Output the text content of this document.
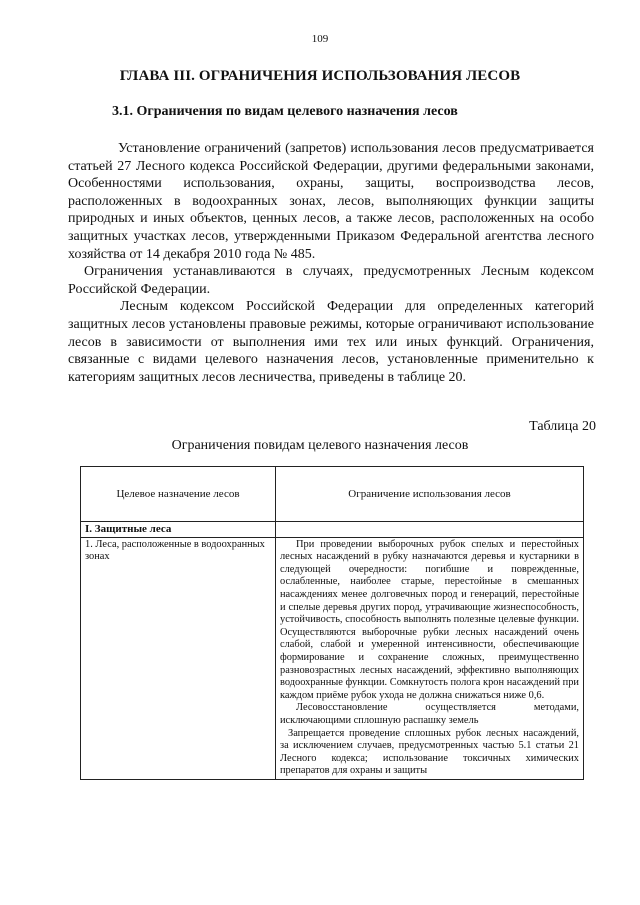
109
ГЛАВА III. ОГРАНИЧЕНИЯ ИСПОЛЬЗОВАНИЯ ЛЕСОВ
3.1. Ограничения по видам целевого назначения лесов

Установление ограничений (запретов) использования лесов предусматривается статьей 27 Лесного кодекса Российской Федерации, другими федеральными законами, Особенностями использования, охраны, защиты, воспроизводства лесов, расположенных в водоохранных зонах, лесов, выполняющих функции защиты природных и иных объектов, ценных лесов, а также лесов, расположенных на особо защитных участках лесов, утвержденными Приказом Федеральной агентства лесного хозяйства от 14 декабря 2010 года № 485.

Ограничения устанавливаются в случаях, предусмотренных Лесным кодексом Российской Федерации.

Лесным кодексом Российской Федерации для определенных категорий защитных лесов установлены правовые режимы, которые ограничивают использование лесов в зависимости от выполнения ими тех или иных функций. Ограничения, связанные с видами целевого назначения лесов, установленные применительно к категориям защитных лесов лесничества, приведены в таблице 20.

Таблица 20
Ограничения повидам целевого назначения лесов
Целевое назначение лесов	Ограничение использования лесов
I. Защитные леса	
1. Леса, расположенные в водоохранных зонах	При проведении выборочных рубок спелых и перестойных лесных насаждений в рубку назначаются деревья и кустарники в следующей очередности: погибшие и поврежденные, ослабленные, наиболее старые, перестойные в смешанных насаждениях менее долговечных пород и генераций, перестойные и спелые деревья других пород, утрачивающие жизнеспособность, устойчивость, способность выполнять полезные целевые функции. Осуществляются выборочные рубки лесных насаждений очень слабой, слабой и умеренной интенсивности, обеспечивающие формирование и сохранение сложных, преимущественно разновозрастных лесных насаждений, эффективно выполняющих водоохранные функции. Сомкнутость полога крон насаждений при каждом приёме рубок ухода не должна снижаться ниже 0,6.

Лесовосстановление осуществляется методами, исключающими сплошную распашку земель

Запрещается проведение сплошных рубок лесных насаждений, за исключением случаев, предусмотренных частью 5.1 статьи 21 Лесного кодекса; использование токсичных химических препаратов для охраны и защиты
